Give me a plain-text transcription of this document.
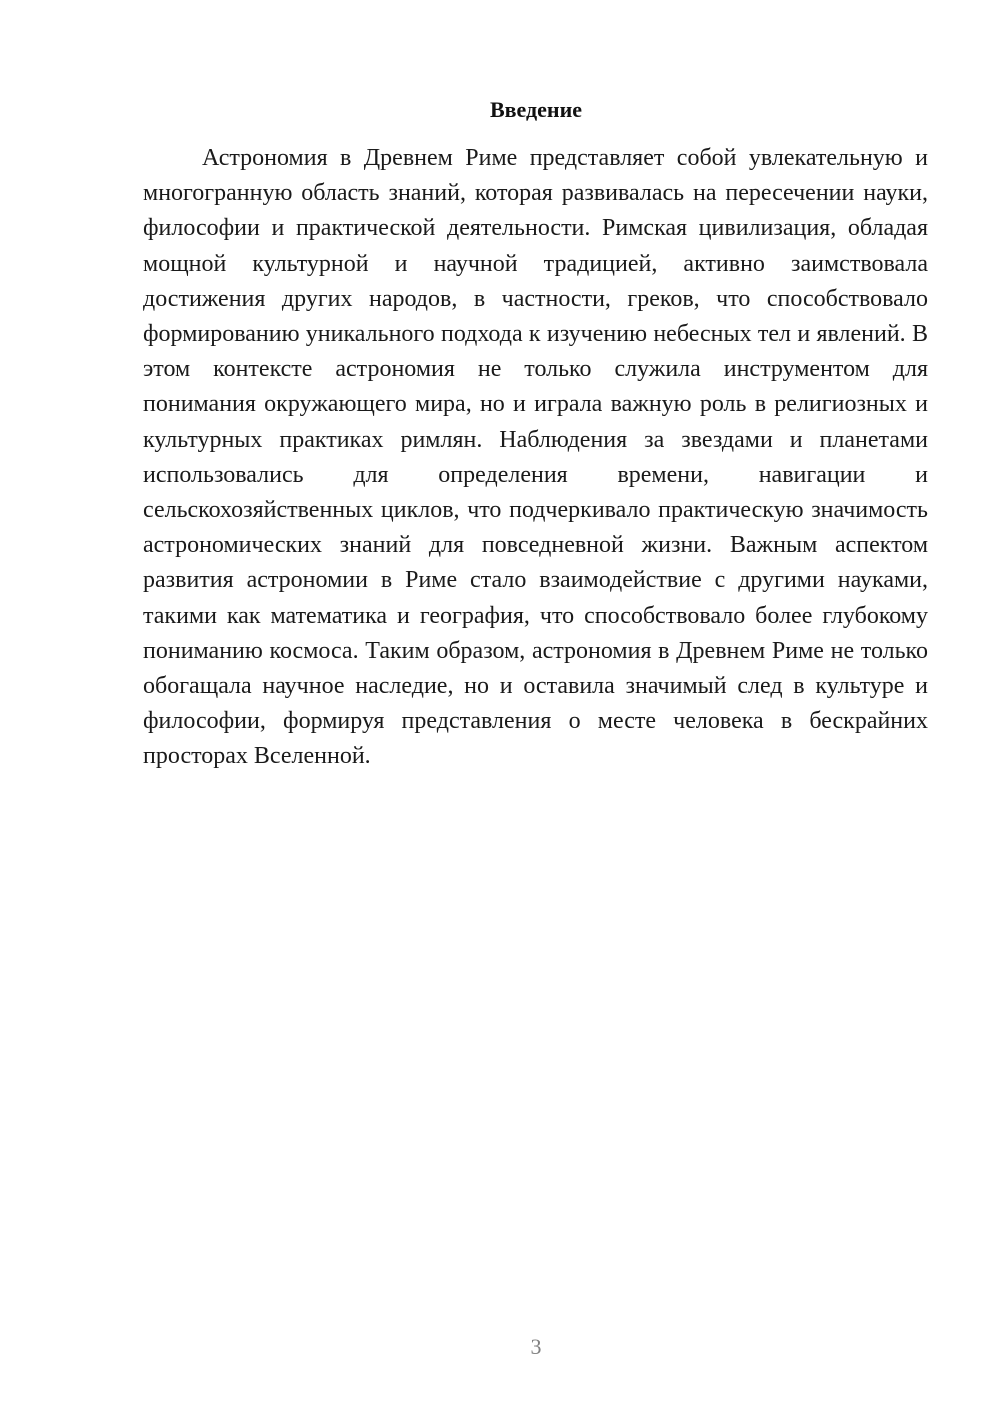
Введение

Астрономия в Древнем Риме представляет собой увлекательную и многогранную область знаний, которая развивалась на пересечении науки, философии и практической деятельности. Римская цивилизация, обладая мощной культурной и научной традицией, активно заимствовала достижения других народов, в частности, греков, что способствовало формированию уникального подхода к изучению небесных тел и явлений. В этом контексте астрономия не только служила инструментом для понимания окружающего мира, но и играла важную роль в религиозных и культурных практиках римлян. Наблюдения за звездами и планетами использовались для определения времени, навигации и сельскохозяйственных циклов, что подчеркивало практическую значимость астрономических знаний для повседневной жизни. Важным аспектом развития астрономии в Риме стало взаимодействие с другими науками, такими как математика и география, что способствовало более глубокому пониманию космоса. Таким образом, астрономия в Древнем Риме не только обогащала научное наследие, но и оставила значимый след в культуре и философии, формируя представления о месте человека в бескрайних просторах Вселенной.

3
